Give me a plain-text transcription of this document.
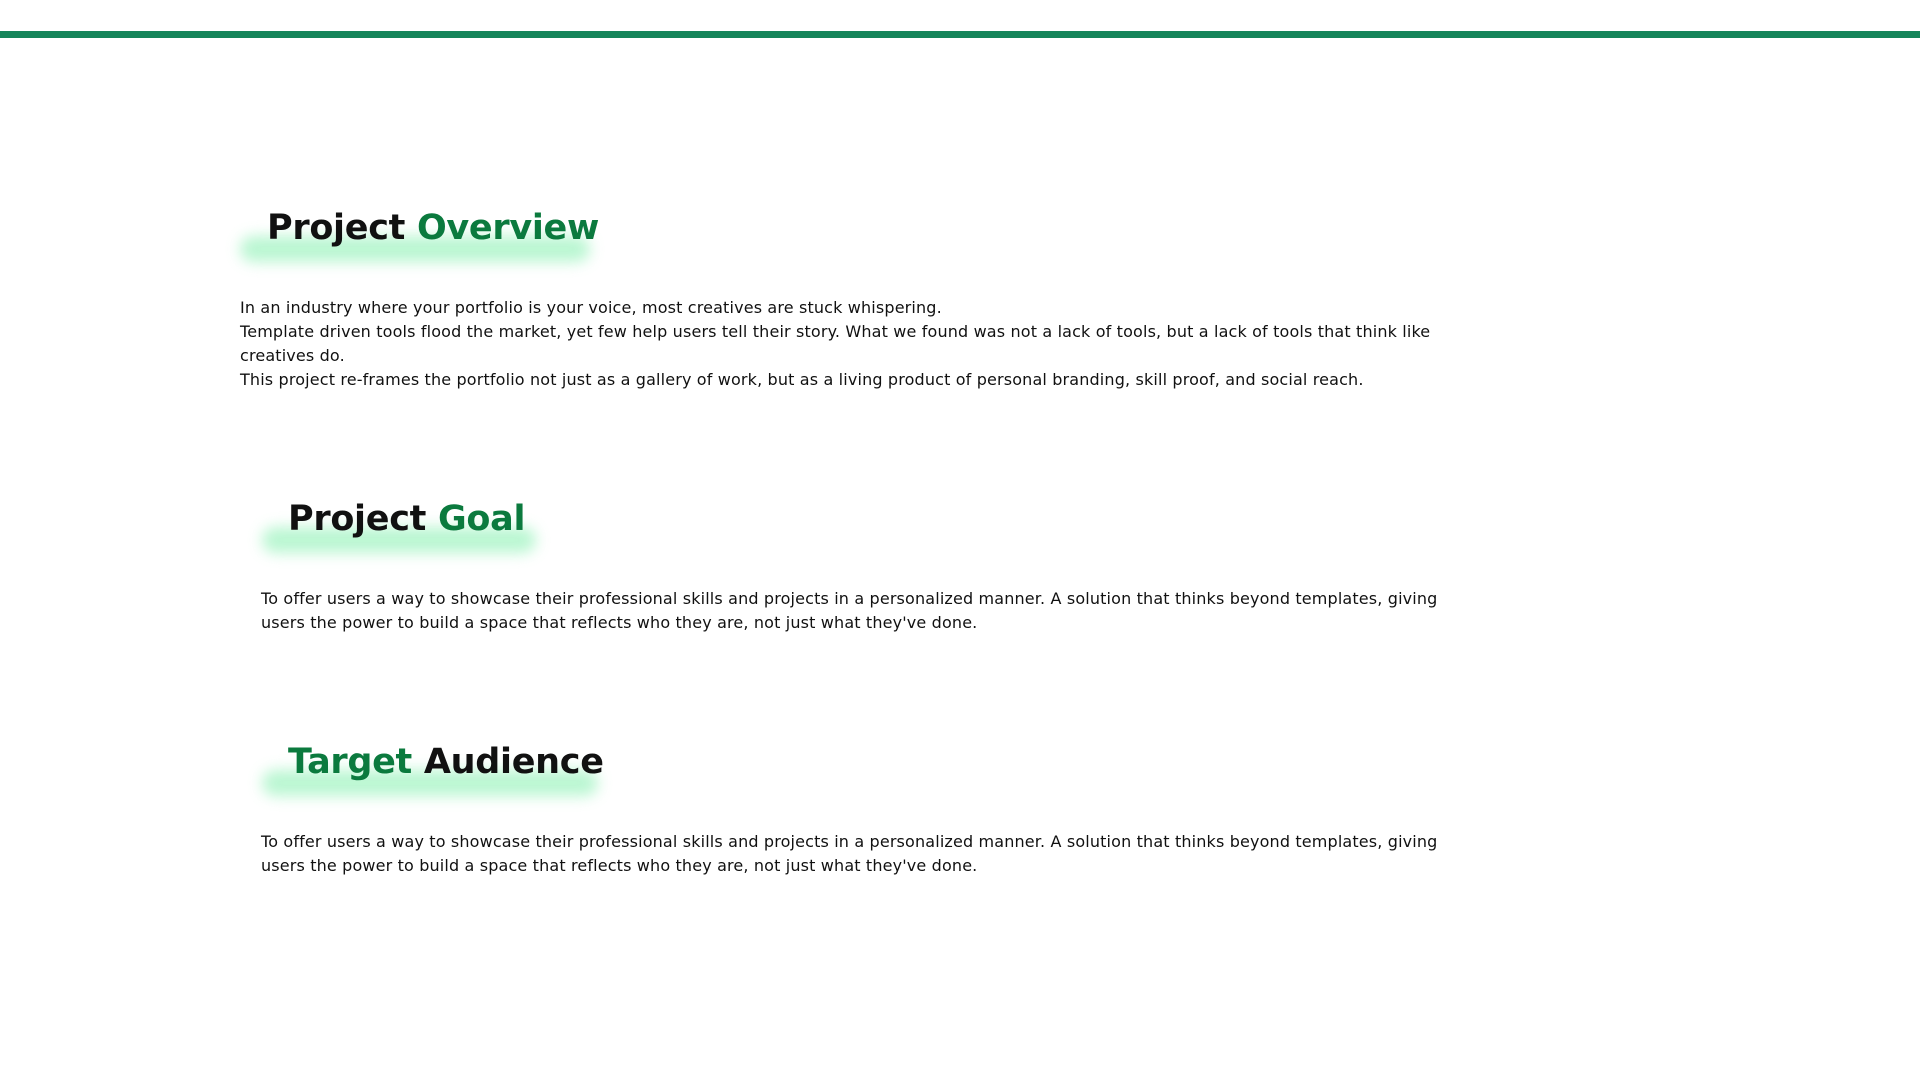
Project Overview
In an industry where your portfolio is your voice, most creatives are stuck whispering.
Template driven tools flood the market, yet few help users tell their story. What we found was not a lack of tools, but a lack of tools that think like creatives do.
This project re-frames the portfolio not just as a gallery of work, but as a living product of personal branding, skill proof, and social reach.
Project Goal

To offer users a way to showcase their professional skills and projects in a personalized manner. A solution that thinks beyond templates, giving users the power to build a space that reflects who they are, not just what they've done.

Target Audience

To offer users a way to showcase their professional skills and projects in a personalized manner. A solution that thinks beyond templates, giving users the power to build a space that reflects who they are, not just what they've done.
